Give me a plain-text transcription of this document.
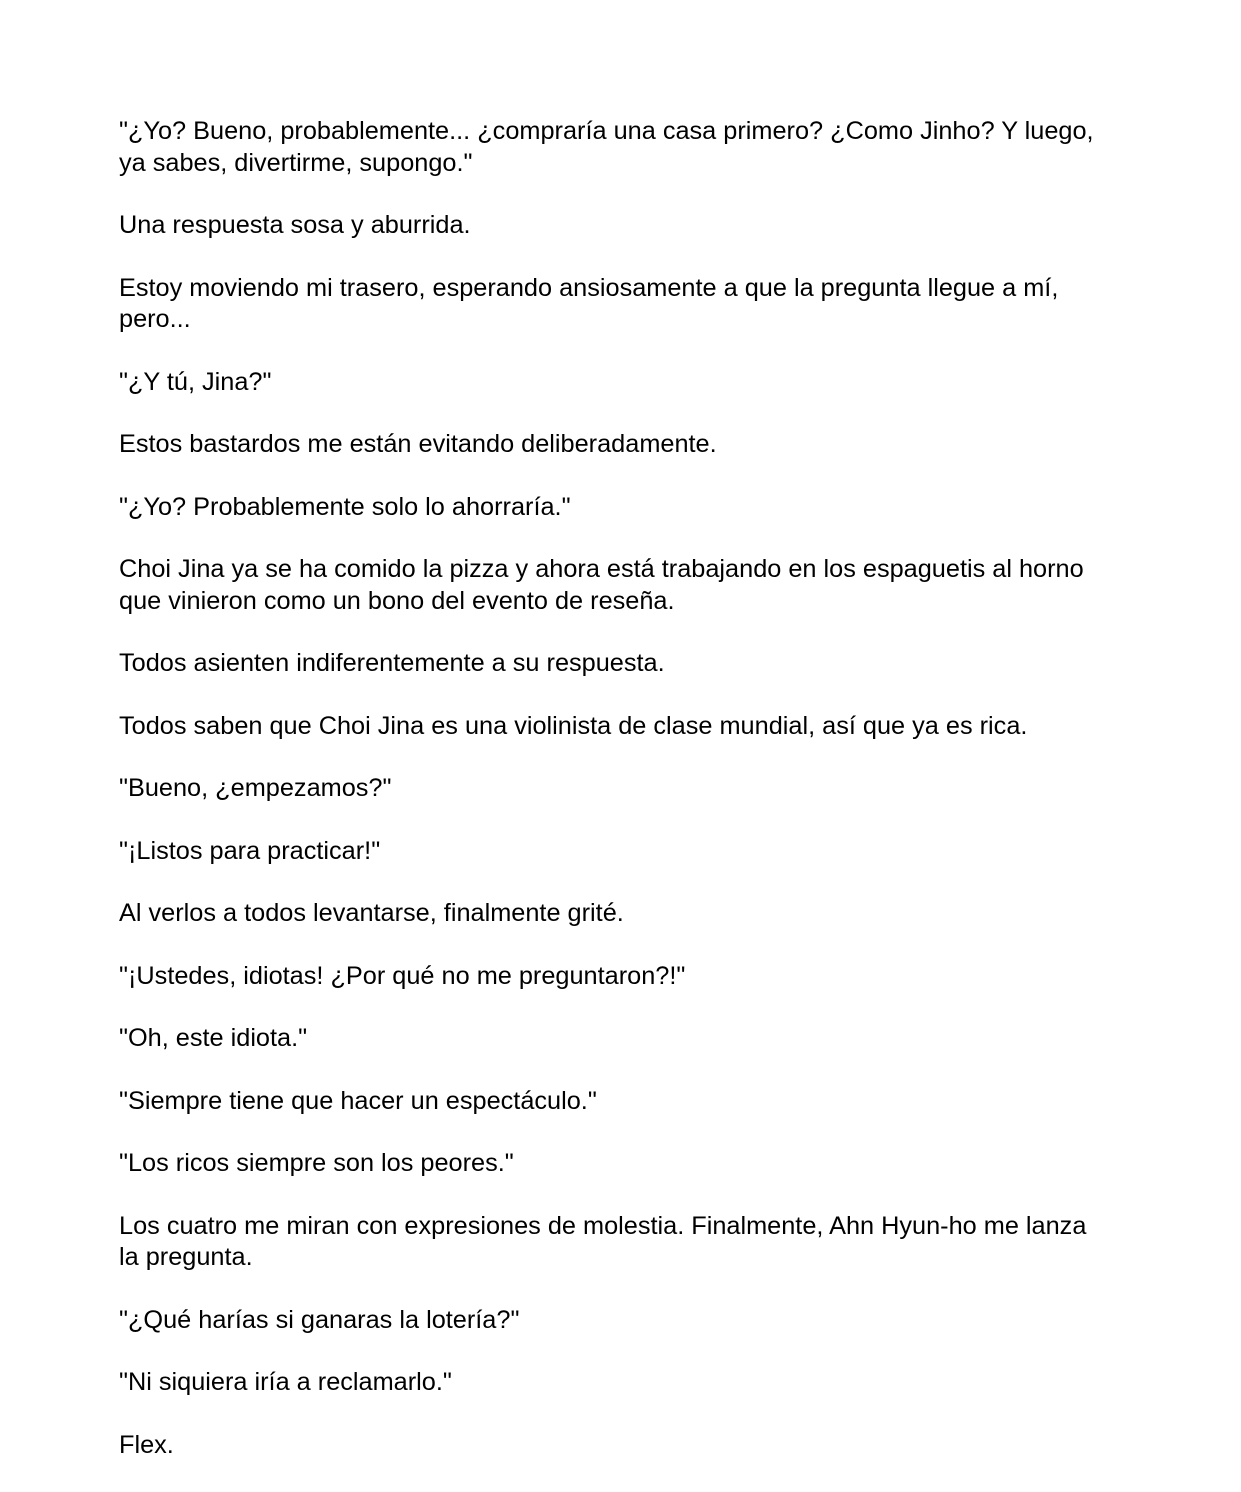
"¿Yo? Bueno, probablemente... ¿compraría una casa primero? ¿Como Jinho? Y luego, ya sabes, divertirme, supongo."

Una respuesta sosa y aburrida.

Estoy moviendo mi trasero, esperando ansiosamente a que la pregunta llegue a mí, pero...

"¿Y tú, Jina?"

Estos bastardos me están evitando deliberadamente.

"¿Yo? Probablemente solo lo ahorraría."

Choi Jina ya se ha comido la pizza y ahora está trabajando en los espaguetis al horno que vinieron como un bono del evento de reseña.

Todos asienten indiferentemente a su respuesta.

Todos saben que Choi Jina es una violinista de clase mundial, así que ya es rica.

"Bueno, ¿empezamos?"

"¡Listos para practicar!"

Al verlos a todos levantarse, finalmente grité.

"¡Ustedes, idiotas! ¿Por qué no me preguntaron?!"

"Oh, este idiota."

"Siempre tiene que hacer un espectáculo."

"Los ricos siempre son los peores."

Los cuatro me miran con expresiones de molestia. Finalmente, Ahn Hyun-ho me lanza la pregunta.

"¿Qué harías si ganaras la lotería?"

"Ni siquiera iría a reclamarlo."

Flex.
